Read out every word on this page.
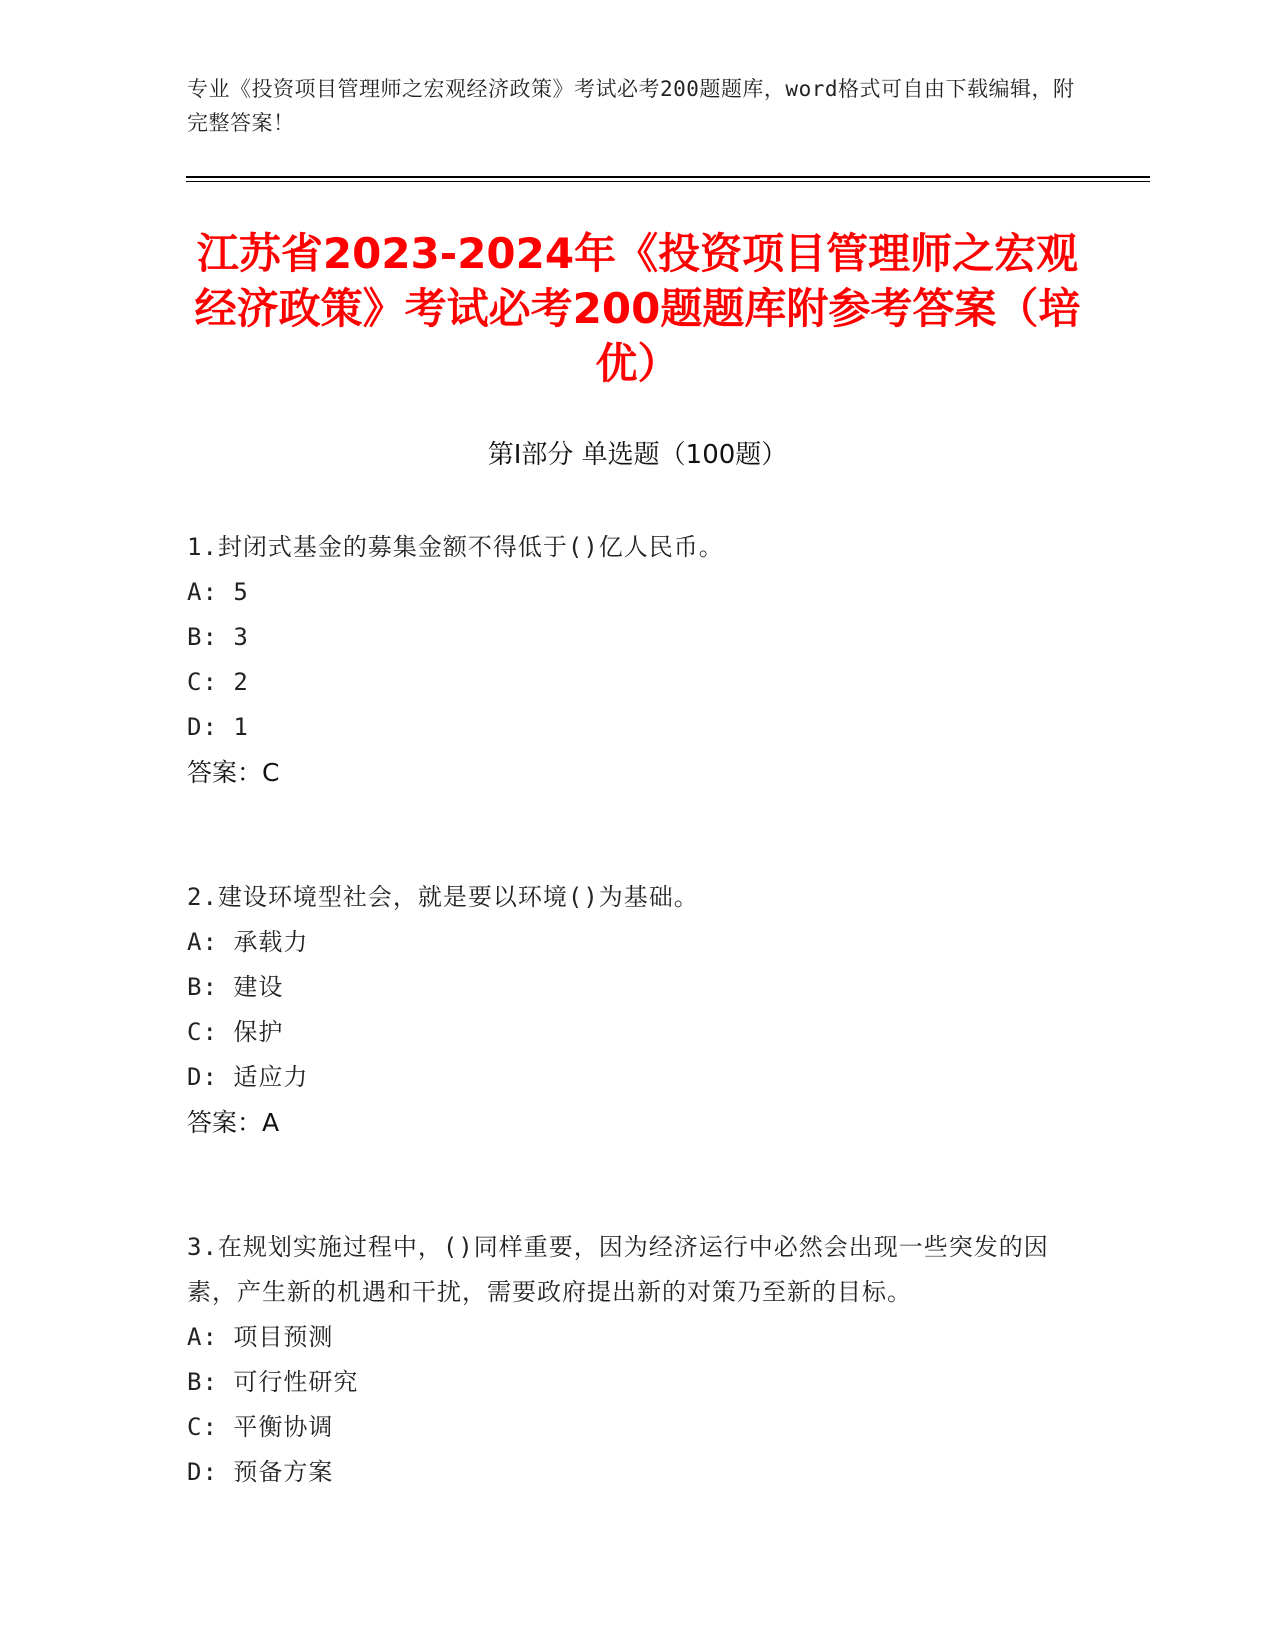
专业《投资项目管理师之宏观经济政策》考试必考200题题库，word格式可自由下载编辑，附完整答案！
江苏省2023-2024年《投资项目管理师之宏观经济政策》考试必考200题题库附参考答案（培优）
第Ⅰ部分 单选题（100题）
1.封闭式基金的募集金额不得低于()亿人民币。
A: 5
B: 3
C: 2
D: 1
答案：C
2.建设环境型社会，就是要以环境()为基础。
A: 承载力
B: 建设
C: 保护
D: 适应力
答案：A
3.在规划实施过程中，()同样重要，因为经济运行中必然会出现一些突发的因素，产生新的机遇和干扰，需要政府提出新的对策乃至新的目标。
A: 项目预测
B: 可行性研究
C: 平衡协调
D: 预备方案
